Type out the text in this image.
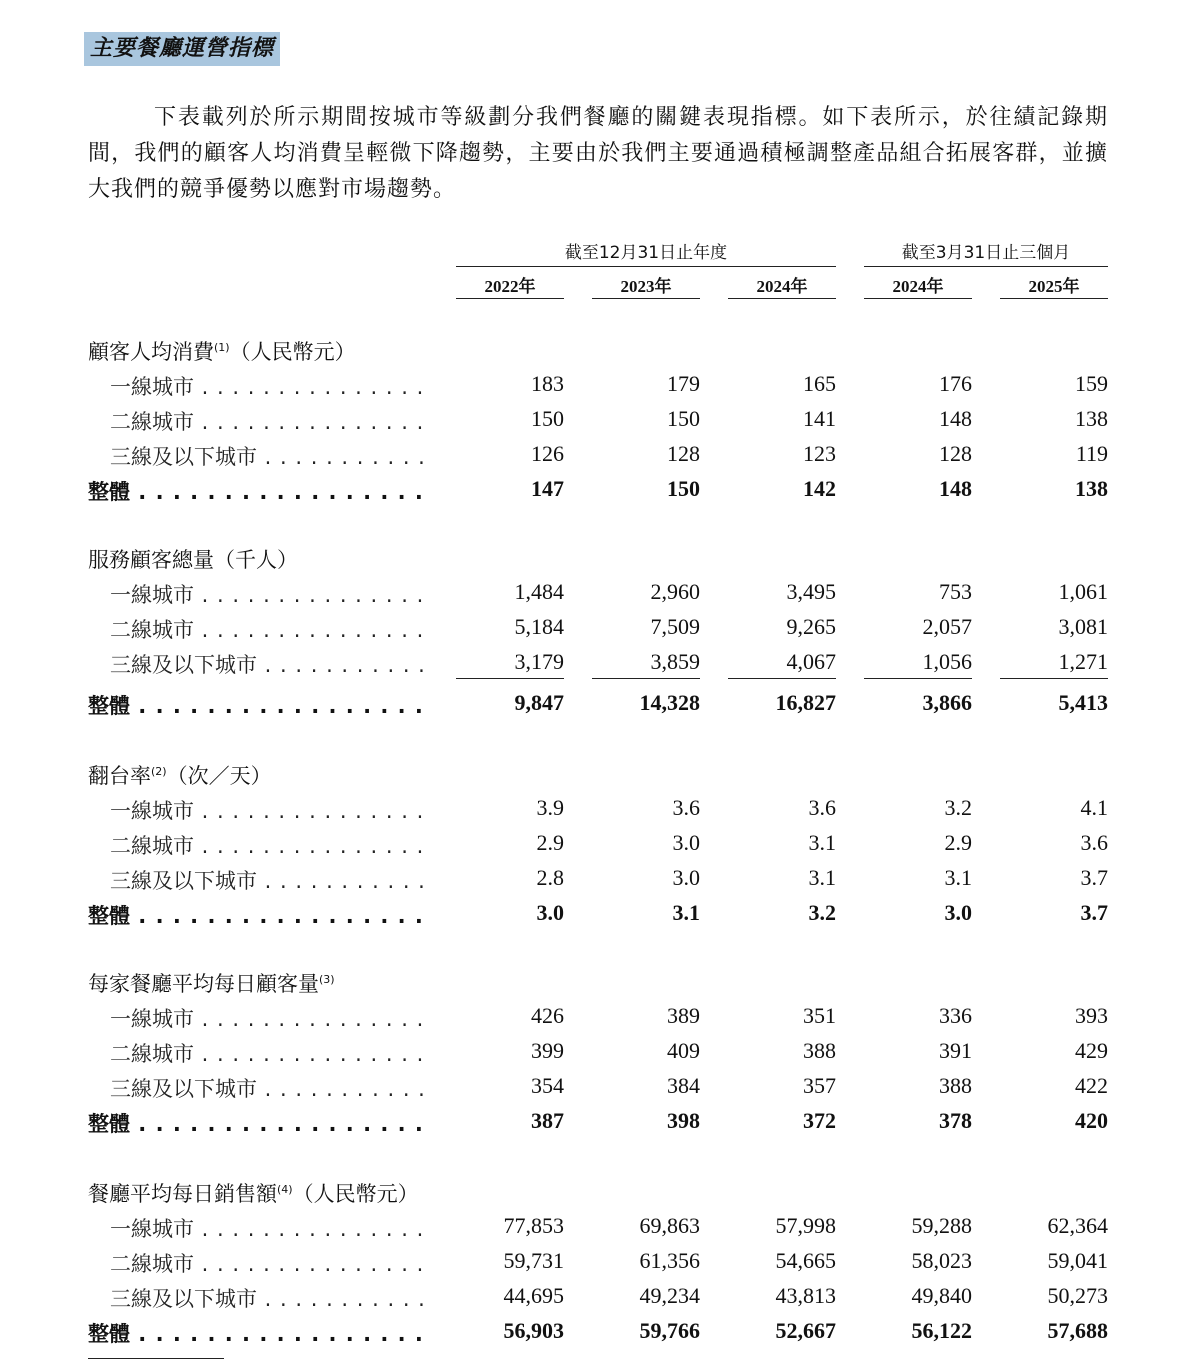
主要餐廳運營指標

下表載列於所示期間按城市等級劃分我們餐廳的關鍵表現指標。如下表所示，於往績記錄期間，我們的顧客人均消費呈輕微下降趨勢，主要由於我們主要通過積極調整產品組合拓展客群，並擴大我們的競爭優勢以應對市場趨勢。

截至12月31日止年度	截至3月31日止三個月
2022年	2023年	2024年	2024年	2025年
顧客人均消費$^{(1)}$（人民幣元）
一線城市 . . .	183	179	165	176	159
二線城市 . . .	150	150	141	148	138
三線及以下城市 . . .	126	128	123	128	119
整體 . . .	147	150	142	148	138
服務顧客總量（千人）
一線城市 . . .	1,484	2,960	3,495	753	1,061
二線城市 . . .	5,184	7,509	9,265	2,057	3,081
三線及以下城市 . . .	3,179	3,859	4,067	1,056	1,271
整體 . . .	9,847	14,328	16,827	3,866	5,413
翻台率$^{(2)}$（次／天）
一線城市 . . .	3.9	3.6	3.6	3.2	4.1
二線城市 . . .	2.9	3.0	3.1	2.9	3.6
三線及以下城市 . . .	2.8	3.0	3.1	3.1	3.7
整體 . . .	3.0	3.1	3.2	3.0	3.7
每家餐廳平均每日顧客量$^{(3)}$
一線城市 . . .	426	389	351	336	393
二線城市 . . .	399	409	388	391	429
三線及以下城市 . . .	354	384	357	388	422
整體 . . .	387	398	372	378	420
餐廳平均每日銷售額$^{(4)}$（人民幣元）
一線城市 . . .	77,853	69,863	57,998	59,288	62,364
二線城市 . . .	59,731	61,356	54,665	58,023	59,041
三線及以下城市 . . .	44,695	49,234	43,813	49,840	50,273
整體 . . .	56,903	59,766	52,667	56,122	57,688
